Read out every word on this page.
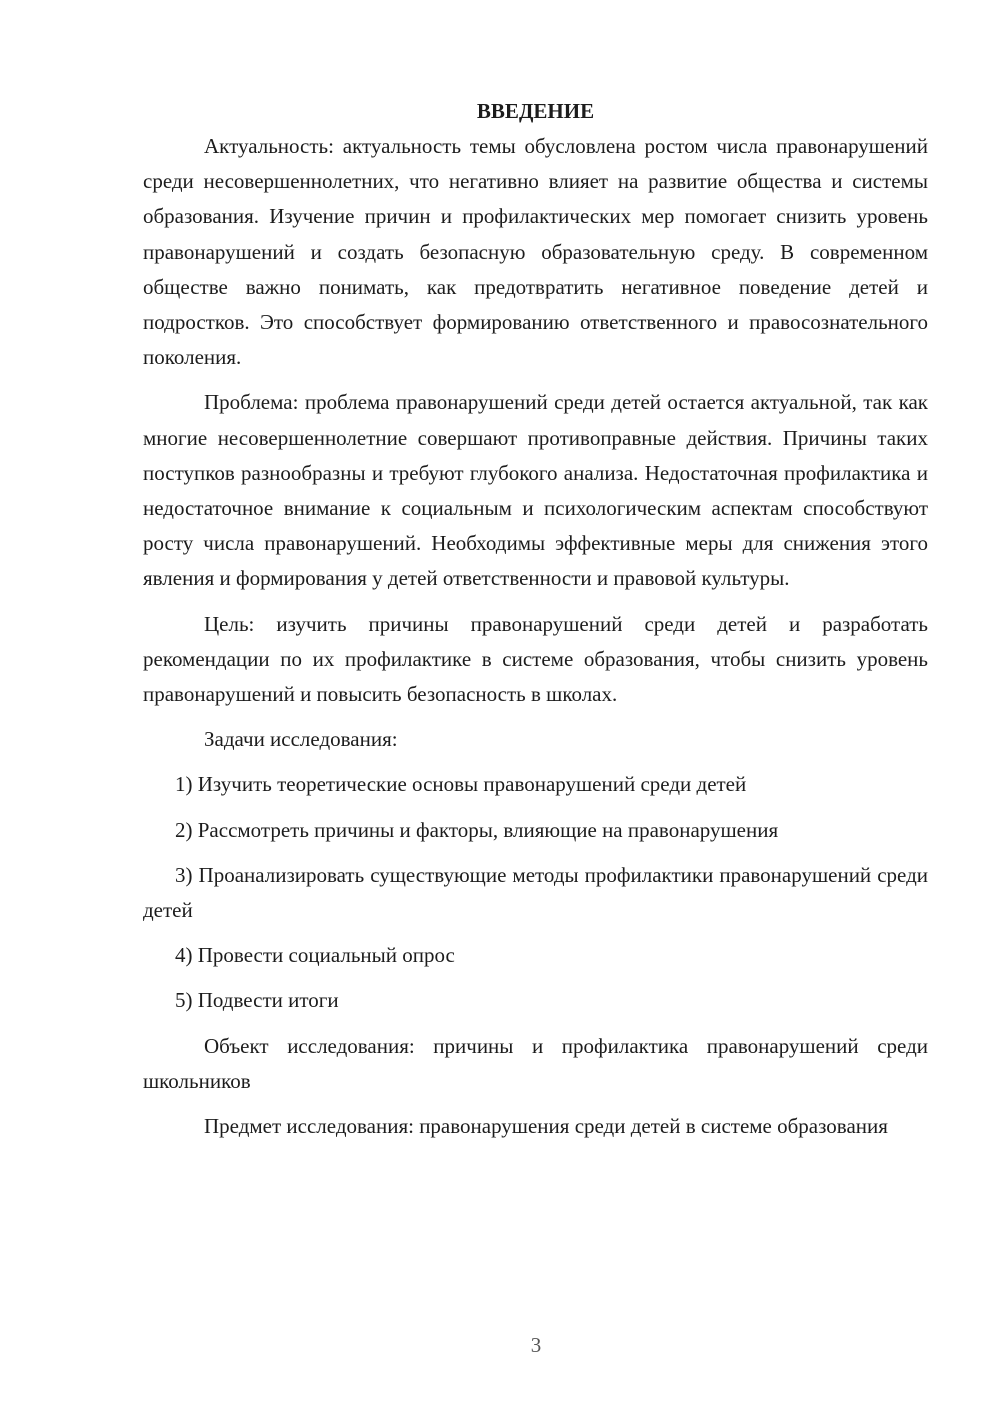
ВВЕДЕНИЕ

Актуальность: актуальность темы обусловлена ростом числа правонарушений среди несовершеннолетних, что негативно влияет на развитие общества и системы образования. Изучение причин и профилактических мер помогает снизить уровень правонарушений и создать безопасную образовательную среду. В современном обществе важно понимать, как предотвратить негативное поведение детей и подростков. Это способствует формированию ответственного и правосознательного поколения.

Проблема: проблема правонарушений среди детей остается актуальной, так как многие несовершеннолетние совершают противоправные действия. Причины таких поступков разнообразны и требуют глубокого анализа. Недостаточная профилактика и недостаточное внимание к социальным и психологическим аспектам способствуют росту числа правонарушений. Необходимы эффективные меры для снижения этого явления и формирования у детей ответственности и правовой культуры.

Цель: изучить причины правонарушений среди детей и разработать рекомендации по их профилактике в системе образования, чтобы снизить уровень правонарушений и повысить безопасность в школах.

Задачи исследования:

1) Изучить теоретические основы правонарушений среди детей

2) Рассмотреть причины и факторы, влияющие на правонарушения

3) Проанализировать существующие методы профилактики правонарушений среди детей

4) Провести социальный опрос

5) Подвести итоги

Объект исследования: причины и профилактика правонарушений среди школьников

Предмет исследования: правонарушения среди детей в системе образования

3
